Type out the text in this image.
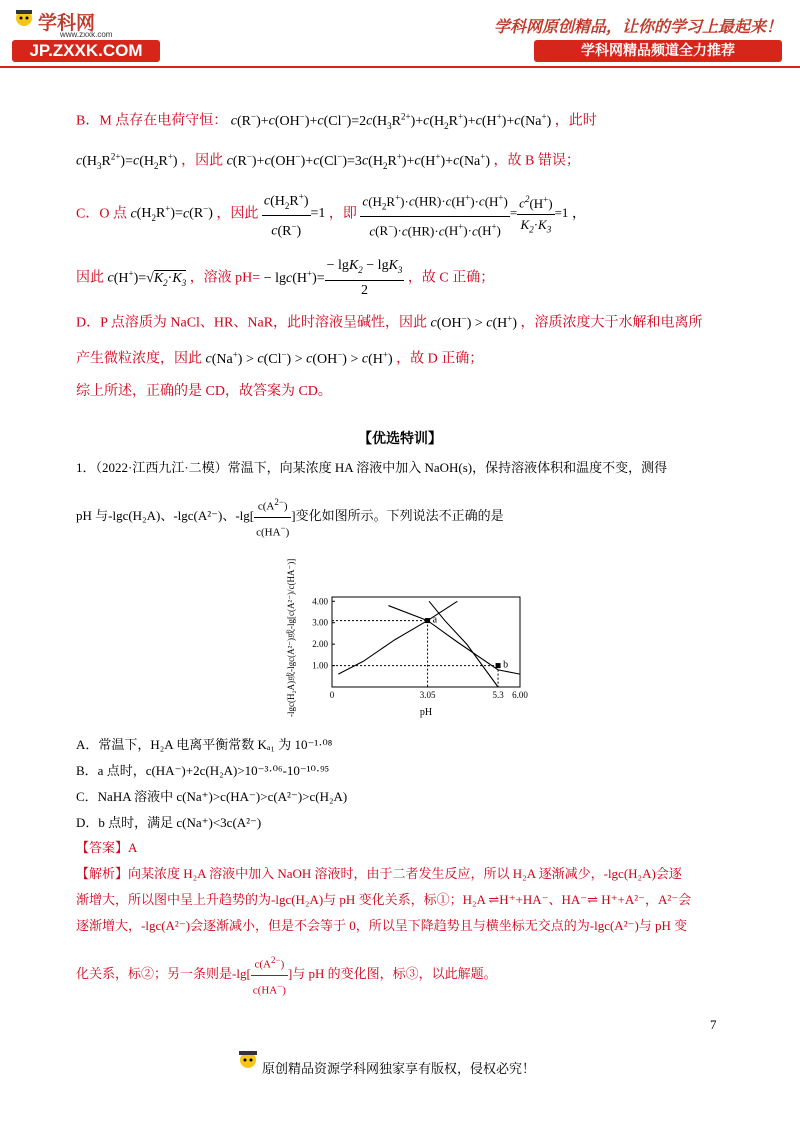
学科网
www.zxxk.com
JP.ZXXK.COM
学科网原创精品，让你的学习上最起来！
学科网精品频道全力推荐
B．M 点存在电荷守恒： $c(R^-)+c(OH^-)+c(Cl^-)=2c(H_3R^{2+})+c(H_2R^+)+c(H^+)+c(Na^+)$ ，此时
$c(H_3R^{2+})=c(H_2R^+)$ ，因此 $c(R^-)+c(OH^-)+c(Cl^-)=3c(H_2R^+)+c(H^+)+c(Na^+)$ ，故 B 错误；
C．O 点 $c(H_2R^+)=c(R^-)$ ，因此 $\frac{c(H_2R^+)}{c(R^-)} =1$ ，即 $\frac{c(H_2R^+)\cdot c(HR)\cdot c(H^+)\cdot c(H^+)}{c(R^-)\cdot c(HR)\cdot c(H^+)\cdot c(H^+)} = \frac{c^2(H^+)}{K_2\cdot K_3} =1$ ，
因此 $c(H^+)=√K_2\cdot K_3$ ，溶液 $pH= - \lg c(H^+)= \frac{- \lg K_2 - \lg K_3}{2}$ ，故 C 正确；
D．P 点溶质为 NaCl、HR、NaR，此时溶液呈碱性，因此 c(OH−) > c(H+) ，溶质浓度大于水解和电离所
产生微粒浓度，因此 c(Na+) > c(Cl−) > c(OH−) > c(H+) ，故 D 正确；
综上所述，正确的是 CD，故答案为 CD。
【优选特训】
1．（2022·江西九江·二模）常温下，向某浓度 HA 溶液中加入 NaOH(s)，保持溶液体积和温度不变，测得
pH 与-lgc(H₂A)、-lgc(A²⁻)、$-\lg[ \frac{c(A^{2-})}{c(HA^-)}$ ]变化如图所示。下列说法不正确的是
-lgc(H₂A)或-lgc(A²⁻)或-lg[c(A²⁻)/c(HA⁻)] 1.00
2.00
3.00
4.00
0	3.05	5.3 6.00
pH
a
b
A．常温下，H₂A 电离平衡常数 Kₐ₁ 为 10⁻¹·⁰⁸
B．a 点时，c(HA⁻)+2c(H₂A)>10⁻³·⁰⁶-10⁻¹⁰·⁹⁵
C．NaHA 溶液中 c(Na⁺)>c(HA⁻)>c(A²⁻)>c(H₂A)
D．b 点时，满足 c(Na⁺)<3c(A²⁻)
【答案】A
【解析】向某浓度 H₂A 溶液中加入 NaOH 溶液时，由于二者发生反应，所以 H₂A 逐渐减少，-lgc(H₂A)会逐
渐增大，所以图中呈上升趋势的为-lgc(H₂A)与 pH 变化关系，标①；H₂A ⇌H⁺+HA⁻、HA⁻⇌ H⁺+A²⁻，A²⁻会
逐渐增大，-lgc(A²⁻)会逐渐减小，但是不会等于 0，所以呈下降趋势且与横坐标无交点的为-lgc(A²⁻)与 pH 变
化关系，标②；另一条则是$-\lg[ \frac{c(A^{2-})}{c(HA^-)}$ ]与 pH 的变化图，标③，以此解题。
7
原创精品资源学科网独家享有版权，侵权必究！
